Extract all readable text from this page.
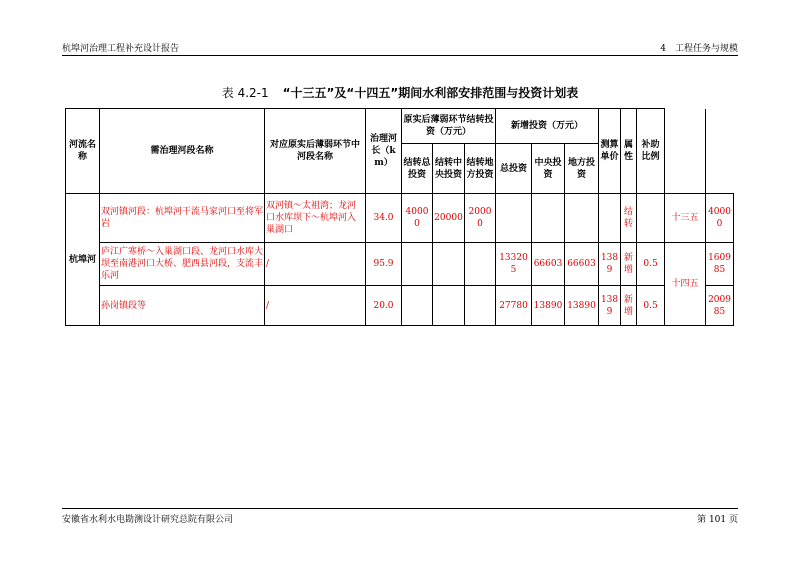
杭埠河治理工程补充设计报告	4　工程任务与规模
表 4.2-1 “十三五”及“十四五”期间水利部安排范围与投资计划表
河流名称	需治理河段名称	对应原实后薄弱环节中河段名称	治理河长（km）	原实后薄弱环节结转投资（万元）			新增投资（万元）			测算单价	属性	补助比例		
				结转总投资	结转中央投资	结转地方投资	总投资	中央投资	地方投资					
杭埠河	双河镇河段：杭埠河干流马家河口至将军岩	双河镇～太祖湾；龙河口水库坝下～杭埠河入巢湖口	34.0	40000	20000	20000					结转		十三五	40000
	庐江广寒桥～入巢湖口段、龙河口水库大坝至南港河口大桥、肥西县河段，支流丰乐河	/	95.9				133205	66603	66603	1389	新增	0.5	十四五	160985
	孙岗镇段等	/	20.0				27780	13890	13890	1389	新增	0.5		200985
安徽省水利水电勘测设计研究总院有限公司	第 101 页
